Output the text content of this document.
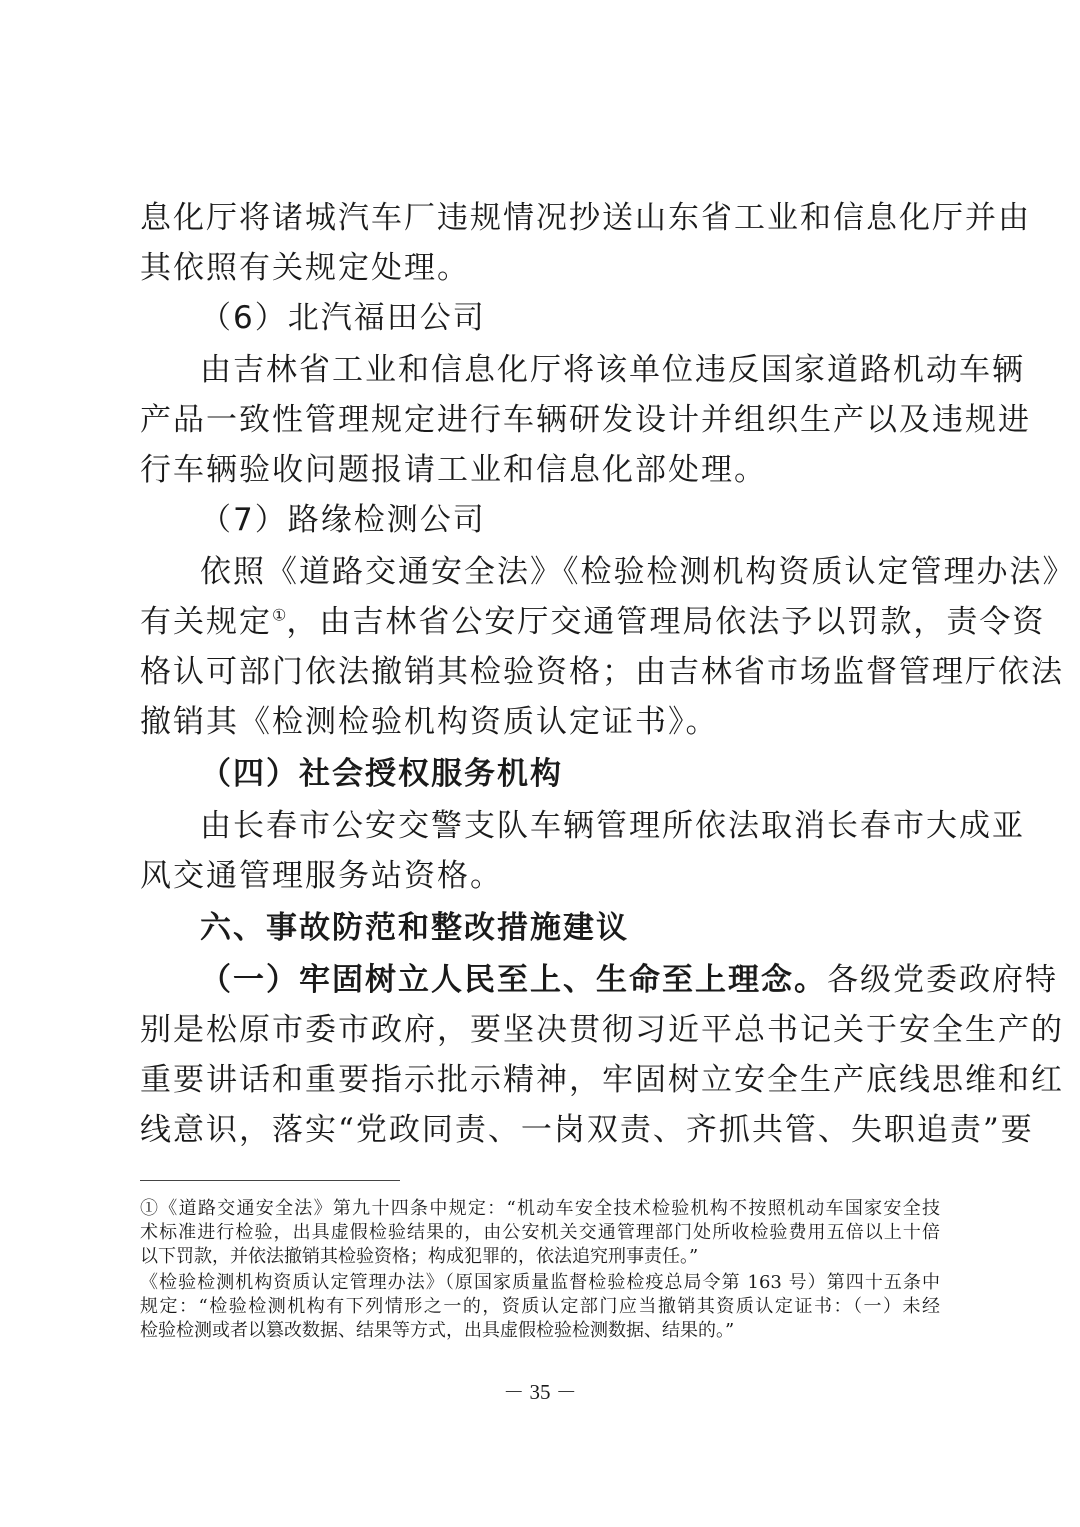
息化厅将诸城汽车厂违规情况抄送山东省工业和信息化厅并由
其依照有关规定处理。
（6）北汽福田公司
由吉林省工业和信息化厅将该单位违反国家道路机动车辆
产品一致性管理规定进行车辆研发设计并组织生产以及违规进
行车辆验收问题报请工业和信息化部处理。
（7）路缘检测公司
依照《道路交通安全法》《检验检测机构资质认定管理办法》
有关规定①，由吉林省公安厅交通管理局依法予以罚款，责令资
格认可部门依法撤销其检验资格；由吉林省市场监督管理厅依法
撤销其《检测检验机构资质认定证书》。
（四）社会授权服务机构
由长春市公安交警支队车辆管理所依法取消长春市大成亚
风交通管理服务站资格。
六、事故防范和整改措施建议
（一）牢固树立人民至上、生命至上理念。各级党委政府特
别是松原市委市政府，要坚决贯彻习近平总书记关于安全生产的
重要讲话和重要指示批示精神，牢固树立安全生产底线思维和红
线意识，落实“党政同责、一岗双责、齐抓共管、失职追责”要
①《道路交通安全法》第九十四条中规定：“机动车安全技术检验机构不按照机动车国家安全技
术标准进行检验，出具虚假检验结果的，由公安机关交通管理部门处所收检验费用五倍以上十倍
以下罚款，并依法撤销其检验资格；构成犯罪的，依法追究刑事责任。”
《检验检测机构资质认定管理办法》（原国家质量监督检验检疫总局令第 163 号）第四十五条中
规定：“检验检测机构有下列情形之一的，资质认定部门应当撤销其资质认定证书：（一）未经
检验检测或者以篡改数据、结果等方式，出具虚假检验检测数据、结果的。”
－ 35 －
